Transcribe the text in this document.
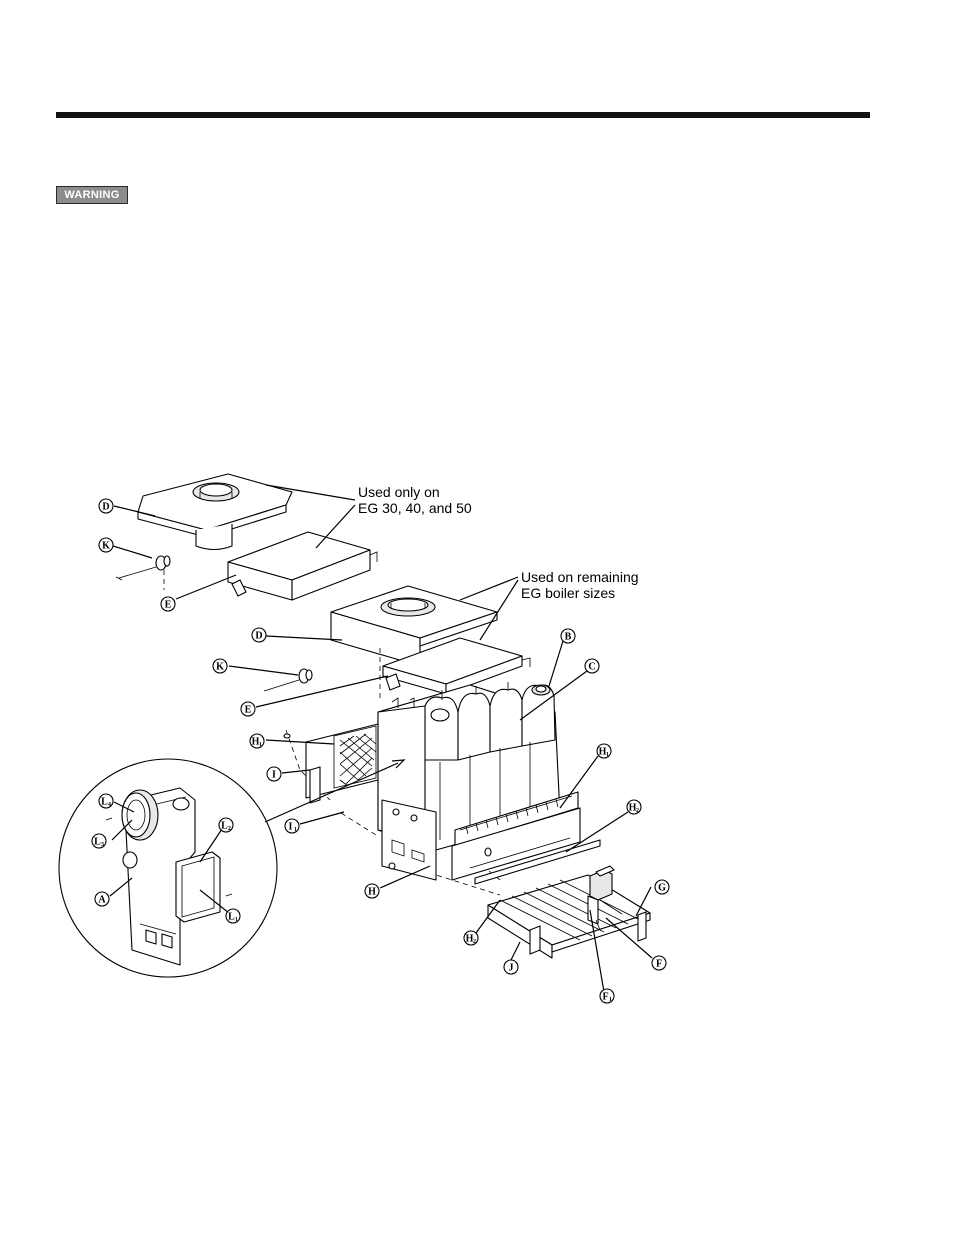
WARNING
Used only on
EG 30, 40, and 50
Used on remaining
EG boiler sizes
D
K
E
D
K
E
B
C
H 1
I
H 1
H 2
I 1
H
L 4
L 3
L 2
A
L 1
G
H 2
F
J
F 1
